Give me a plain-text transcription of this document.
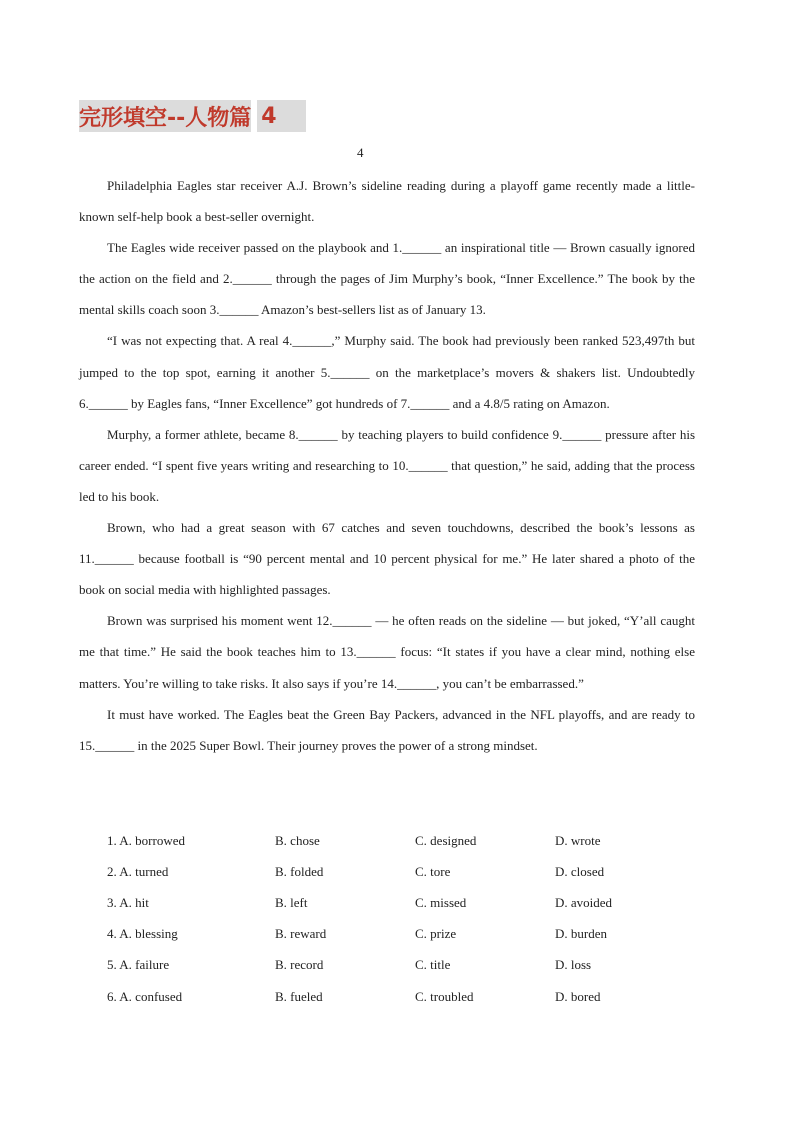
完形填空--人物篇 4
4

Philadelphia Eagles star receiver A.J. Brown’s sideline reading during a playoff game recently made a little-known self-help book a best-seller overnight.

The Eagles wide receiver passed on the playbook and 1.______ an inspirational title — Brown casually ignored the action on the field and 2.______ through the pages of Jim Murphy’s book, “Inner Excellence.” The book by the mental skills coach soon 3.______ Amazon’s best-sellers list as of January 13.

“I was not expecting that. A real 4.______,” Murphy said. The book had previously been ranked 523,497th but jumped to the top spot, earning it another 5.______ on the marketplace’s movers & shakers list. Undoubtedly 6.______ by Eagles fans, “Inner Excellence” got hundreds of 7.______ and a 4.8/5 rating on Amazon.

Murphy, a former athlete, became 8.______ by teaching players to build confidence 9.______ pressure after his career ended. “I spent five years writing and researching to 10.______ that question,” he said, adding that the process led to his book.

Brown, who had a great season with 67 catches and seven touchdowns, described the book’s lessons as 11.______ because football is “90 percent mental and 10 percent physical for me.” He later shared a photo of the book on social media with highlighted passages.

Brown was surprised his moment went 12.______ — he often reads on the sideline — but joked, “Y’all caught me that time.” He said the book teaches him to 13.______ focus: “It states if you have a clear mind, nothing else matters. You’re willing to take risks. It also says if you’re 14.______, you can’t be embarrassed.”

It must have worked. The Eagles beat the Green Bay Packers, advanced in the NFL playoffs, and are ready to 15.______ in the 2025 Super Bowl. Their journey proves the power of a strong mindset.

1. A. borrowed	B. chose	C. designed	D. wrote
2. A. turned	B. folded	C. tore	D. closed
3. A. hit	B. left	C. missed	D. avoided
4. A. blessing	B. reward	C. prize	D. burden
5. A. failure	B. record	C. title	D. loss
6. A. confused	B. fueled	C. troubled	D. bored
